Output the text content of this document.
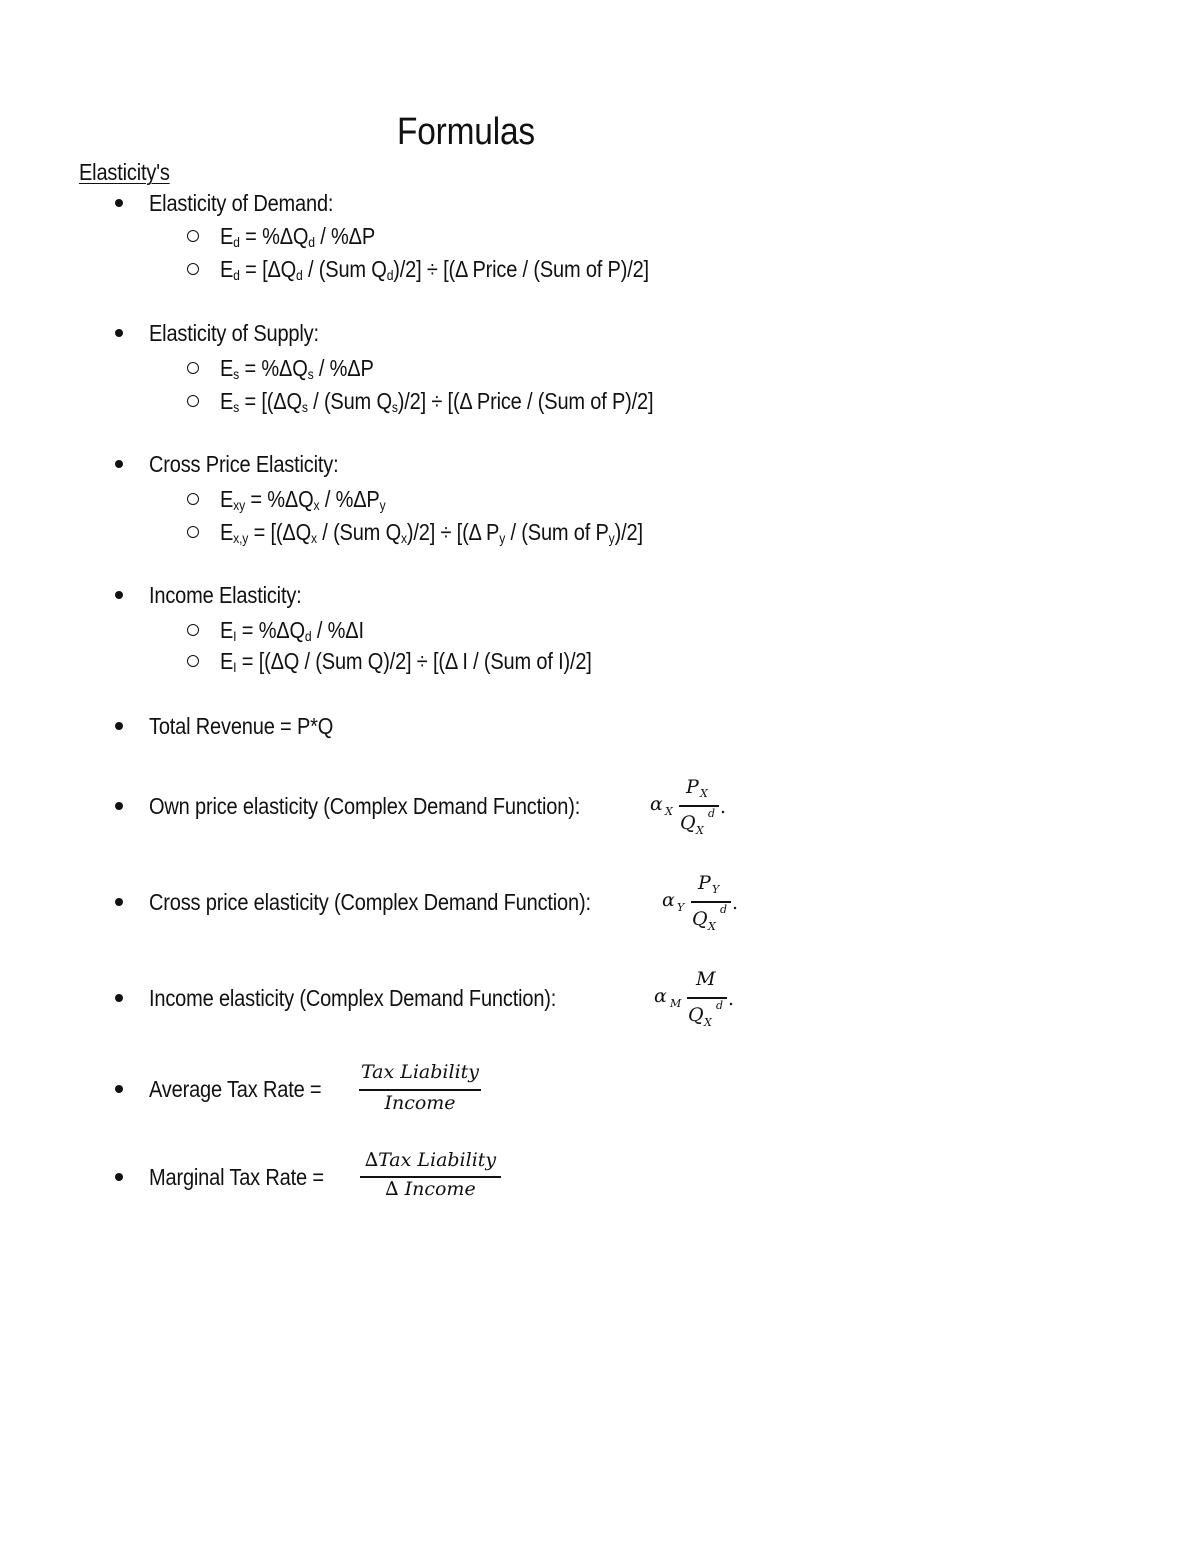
Formulas
Elasticity's
Elasticity of Demand:
$E_d = \%\Delta Q_d / \%\Delta P$
$E_d = [\Delta Q_d / (Sum$ $Q_d)/2] \div [(\Delta$ Price / (Sum of P)/2]
Elasticity of Supply:
$E_s = \%\Delta Q_s / \%\Delta P$
$E_s = [(\Delta Q_s / (Sum$ $Q_s)/2] \div [(\Delta$ Price / (Sum of P)/2]
Cross Price Elasticity:
$E_{xy} = \%\Delta Q_x / \%\Delta P_y$
$E_{x,y} = [(\Delta Q_x / (Sum$ $Q_x)/2] \div [(\Delta$ $P_y / (Sum$ of $P_y)/2$]
Income Elasticity:
$E_I = \%\Delta Q_d / \%\Delta I$
$E_I = [(\Delta Q / (Sum$ Q)/2] ÷ [(Δ I / (Sum of I)/2]
Total Revenue = P*Q
Own price elasticity (Complex Demand Function):	α X
P X
Q X
d .
Cross price elasticity (Complex Demand Function):	α Y
P Y
Q X
d .
Income elasticity (Complex Demand Function):	α M
M
Q X
d .
Average Tax Rate =
Tax Liability
Income
Marginal Tax Rate =
∆Tax Liability
∆ Income
